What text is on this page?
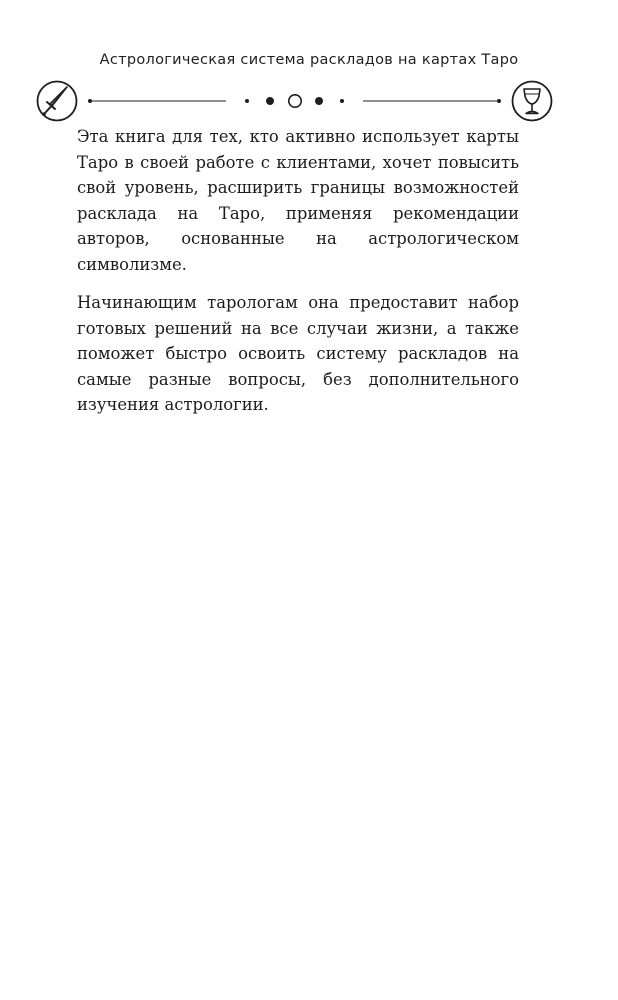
Астрологическая система раскладов на картах Таро

Эта книга для тех, кто активно использует карты Таро в своей работе с клиентами, хочет повысить свой уровень, расширить границы возможностей расклада на Таро, применяя рекомендации авторов, основанные на астрологическом символизме.

Начинающим тарологам она предоставит набор готовых решений на все случаи жизни, а также поможет быстро освоить систему раскладов на самые разные вопросы, без дополнительного изучения астрологии.
